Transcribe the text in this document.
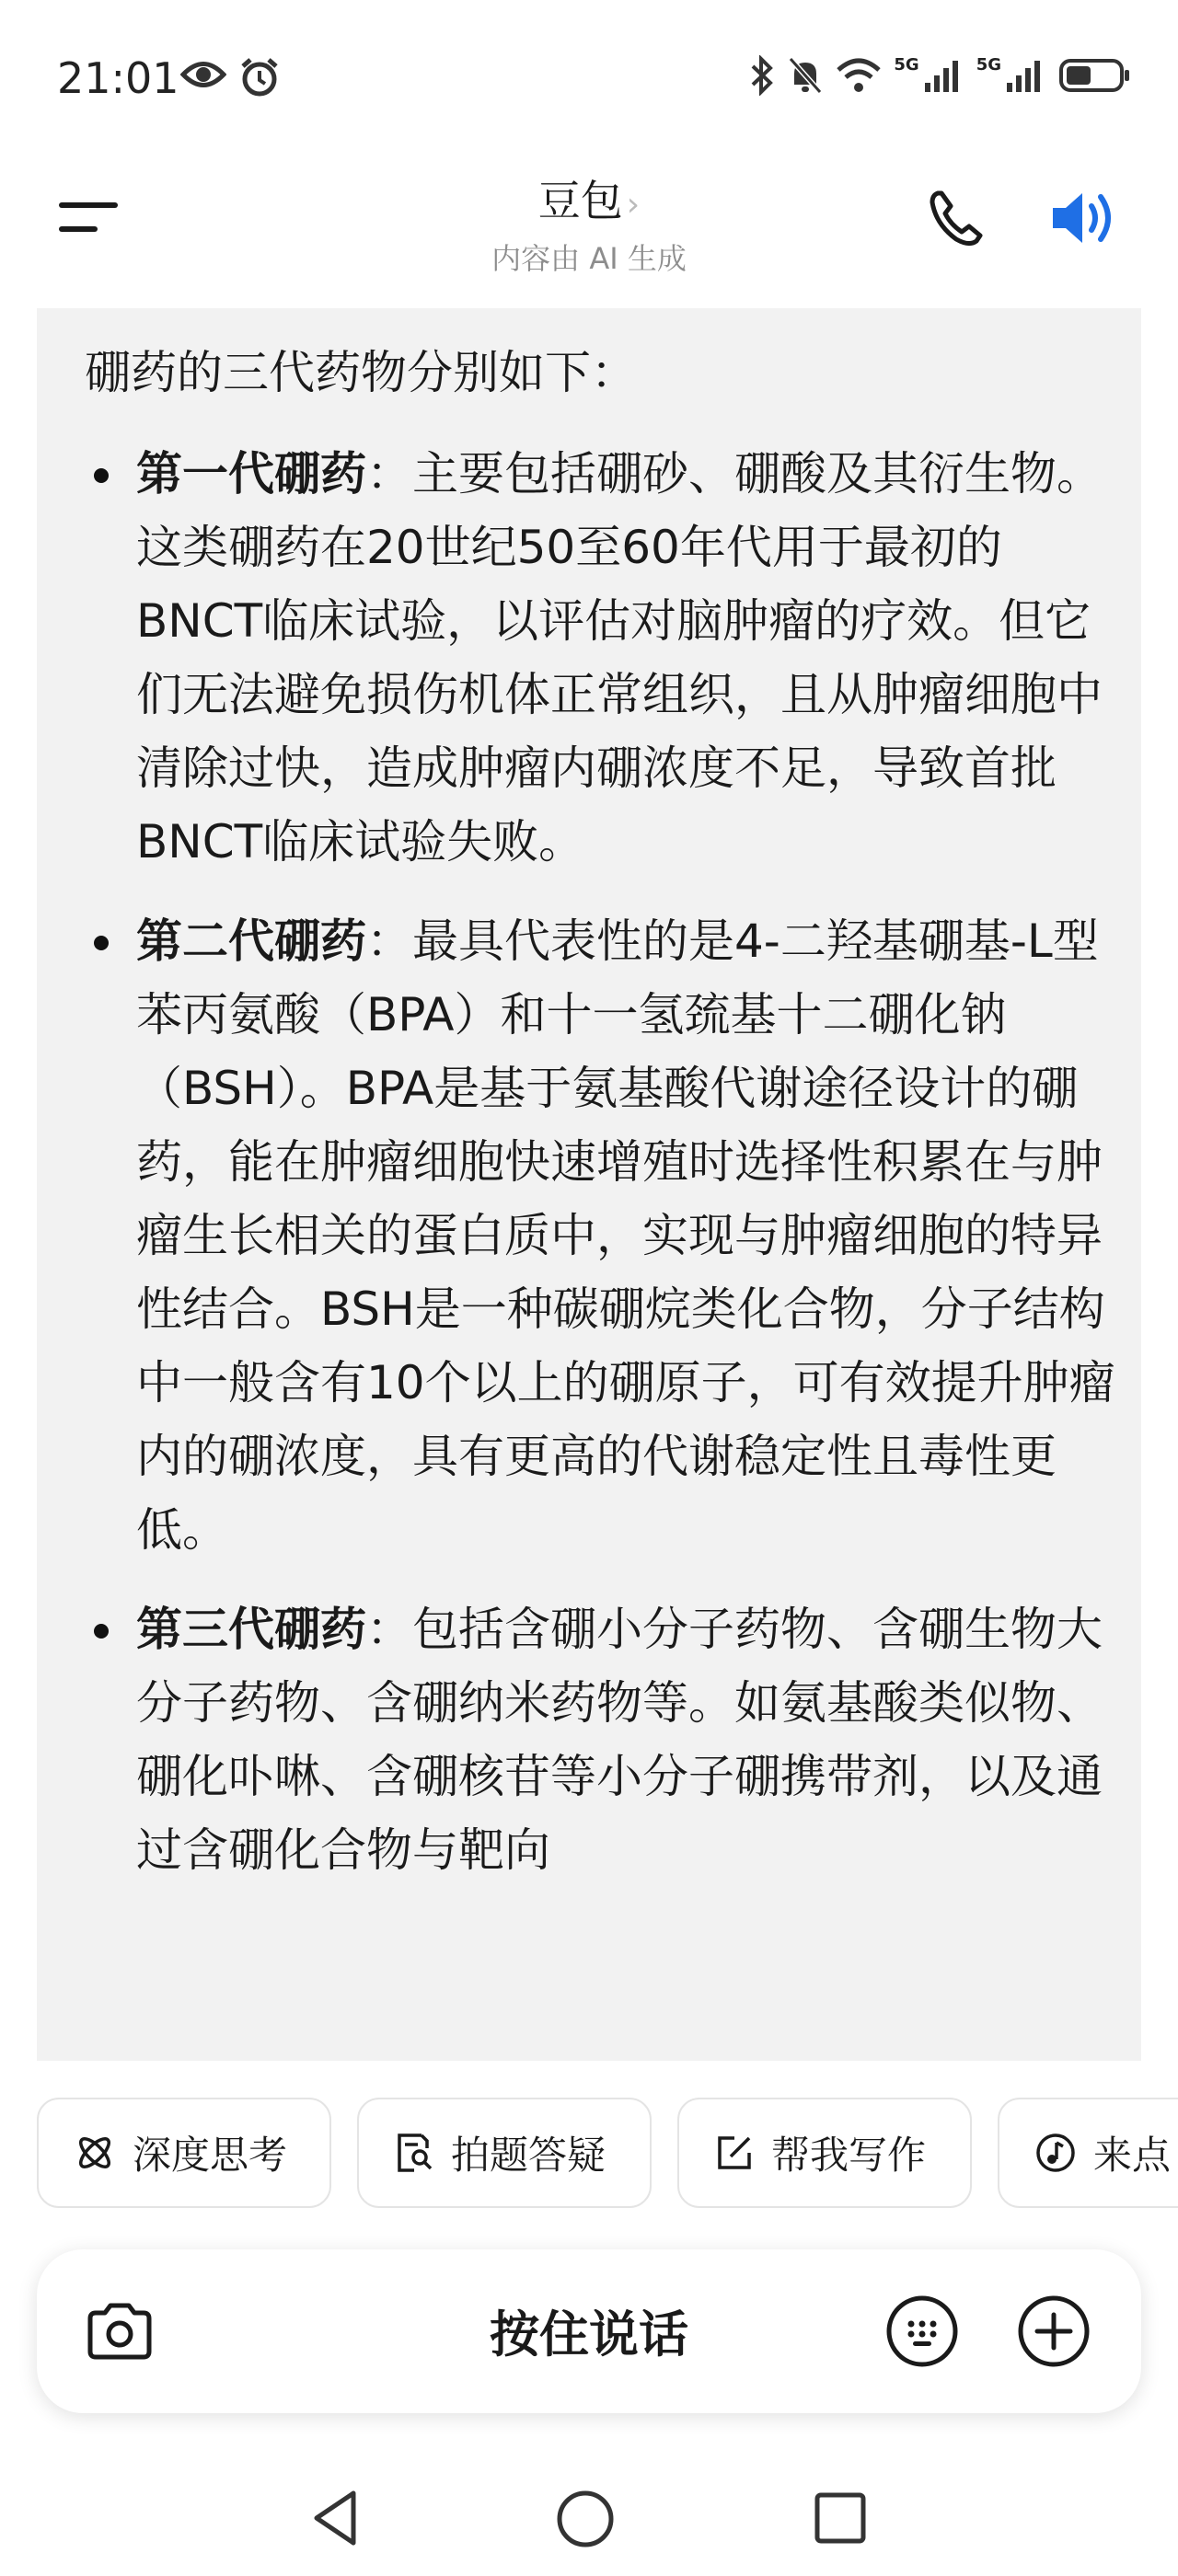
21:01	5G	5G
豆包 ›
内容由 AI 生成
硼药的三代药物分别如下：
第一代硼药：主要包括硼砂、硼酸及其衍生物。这类硼药在20世纪50至60年代用于最初的BNCT临床试验，以评估对脑肿瘤的疗效。但它们无法避免损伤机体正常组织，且从肿瘤细胞中清除过快，造成肿瘤内硼浓度不足，导致首批BNCT临床试验失败。
第二代硼药：最具代表性的是4-二羟基硼基-L型苯丙氨酸（BPA）和十一氢巯基十二硼化钠（BSH）。BPA是基于氨基酸代谢途径设计的硼药，能在肿瘤细胞快速增殖时选择性积累在与肿瘤生长相关的蛋白质中，实现与肿瘤细胞的特异性结合。BSH是一种碳硼烷类化合物，分子结构中一般含有10个以上的硼原子，可有效提升肿瘤内的硼浓度，具有更高的代谢稳定性且毒性更低。
第三代硼药：包括含硼小分子药物、含硼生物大分子药物、含硼纳米药物等。如氨基酸类似物、硼化卟啉、含硼核苷等小分子硼携带剂，以及通过含硼化合物与靶向
深度思考	拍题答疑	帮我写作	来点
按住说话
